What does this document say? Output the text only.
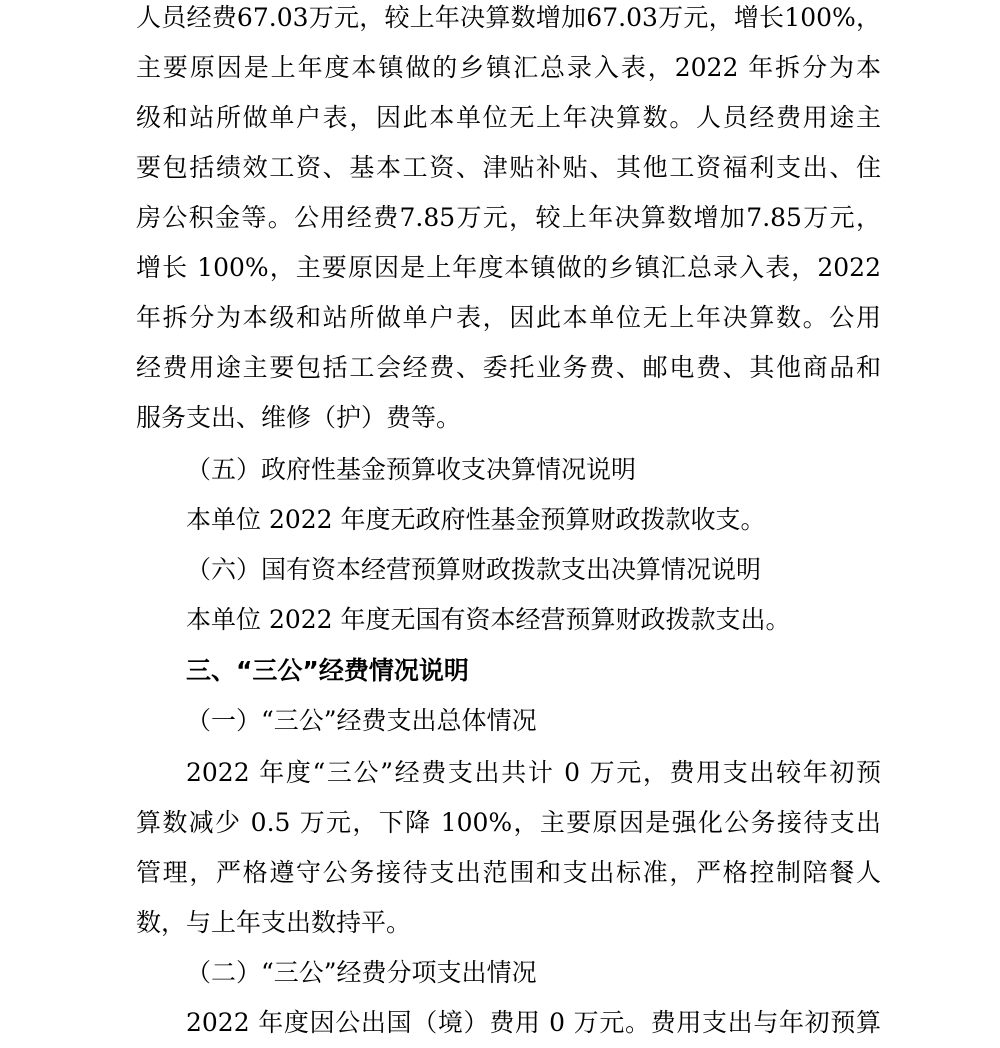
人员经费67.03万元，较上年决算数增加67.03万元，增长100%，
主要原因是上年度本镇做的乡镇汇总录入表，2022 年拆分为本
级和站所做单户表，因此本单位无上年决算数。人员经费用途主
要包括绩效工资、基本工资、津贴补贴、其他工资福利支出、住
房公积金等。公用经费7.85万元，较上年决算数增加7.85万元，
增长 100%，主要原因是上年度本镇做的乡镇汇总录入表，2022
年拆分为本级和站所做单户表，因此本单位无上年决算数。公用
经费用途主要包括工会经费、委托业务费、邮电费、其他商品和
服务支出、维修（护）费等。
（五）政府性基金预算收支决算情况说明
本单位 2022 年度无政府性基金预算财政拨款收支。
（六）国有资本经营预算财政拨款支出决算情况说明
本单位 2022 年度无国有资本经营预算财政拨款支出。
三、“三公”经费情况说明
（一）“三公”经费支出总体情况
2022 年度“三公”经费支出共计 0 万元，费用支出较年初预
算数减少 0.5 万元，下降 100%，主要原因是强化公务接待支出
管理，严格遵守公务接待支出范围和支出标准，严格控制陪餐人
数，与上年支出数持平。
（二）“三公”经费分项支出情况
2022 年度因公出国（境）费用 0 万元。费用支出与年初预算
